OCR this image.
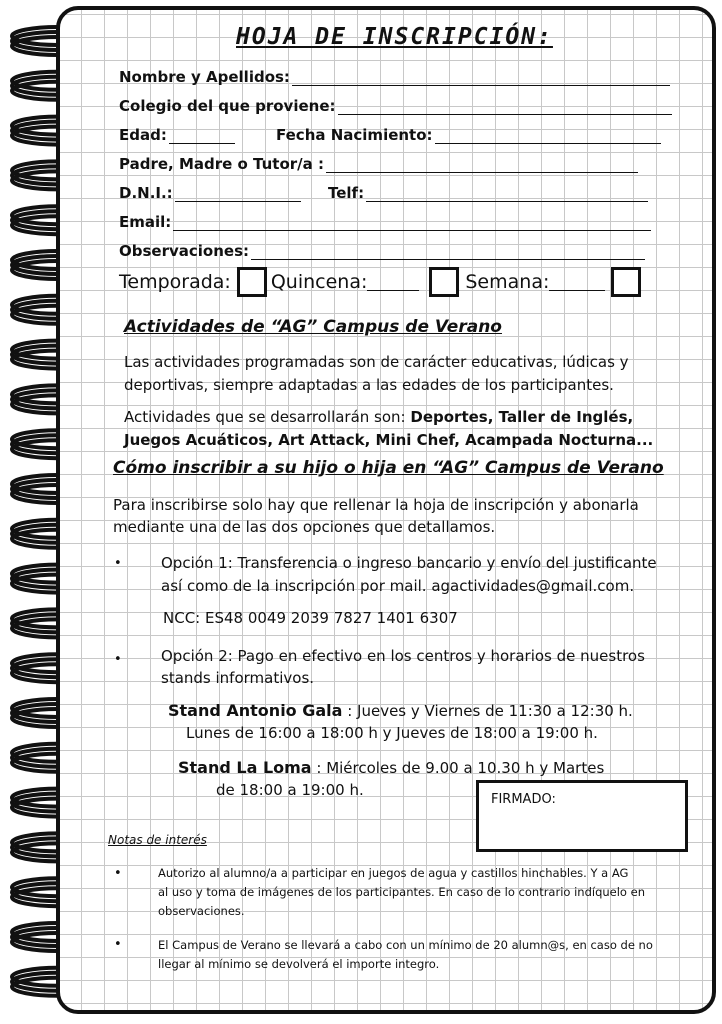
HOJA DE INSCRIPCIÓN:
Nombre y Apellidos:
Colegio del que proviene:
Edad:	Fecha Nacimiento:
Padre, Madre o Tutor/a :
D.N.I.:	Telf:
Email:
Observaciones:
Temporada: Quincena:	Semana:
Actividades de “AG” Campus de Verano
Las actividades programadas son de carácter educativas, lúdicas y
deportivas, siempre adaptadas a las edades de los participantes.
Actividades que se desarrollarán son: Deportes, Taller de Inglés,
Juegos Acuáticos, Art Attack, Mini Chef, Acampada Nocturna...
Cómo inscribir a su hijo o hija en “AG” Campus de Verano
Para inscribirse solo hay que rellenar la hoja de inscripción y abonarla
mediante una de las dos opciones que detallamos.
•	Opción 1: Transferencia o ingreso bancario y envío del justificante
así como de la inscripción por mail. agactividades@gmail.com.
NCC: ES48 0049 2039 7827 1401 6307
•	Opción 2: Pago en efectivo en los centros y horarios de nuestros
stands informativos.
Stand Antonio Gala : Jueves y Viernes de 11:30 a 12:30 h.
Lunes de 16:00 a 18:00 h y Jueves de 18:00 a 19:00 h.
Stand La Loma : Miércoles de 9.00 a 10.30 h y Martes
de 18:00 a 19:00 h.
FIRMADO:
Notas de interés
•	Autorizo al alumno/a a participar en juegos de agua y castillos hinchables. Y a AG
al uso y toma de imágenes de los participantes. En caso de lo contrario indíquelo en
observaciones.
•	El Campus de Verano se llevará a cabo con un mínimo de 20 alumn@s, en caso de no
llegar al mínimo se devolverá el importe integro.
